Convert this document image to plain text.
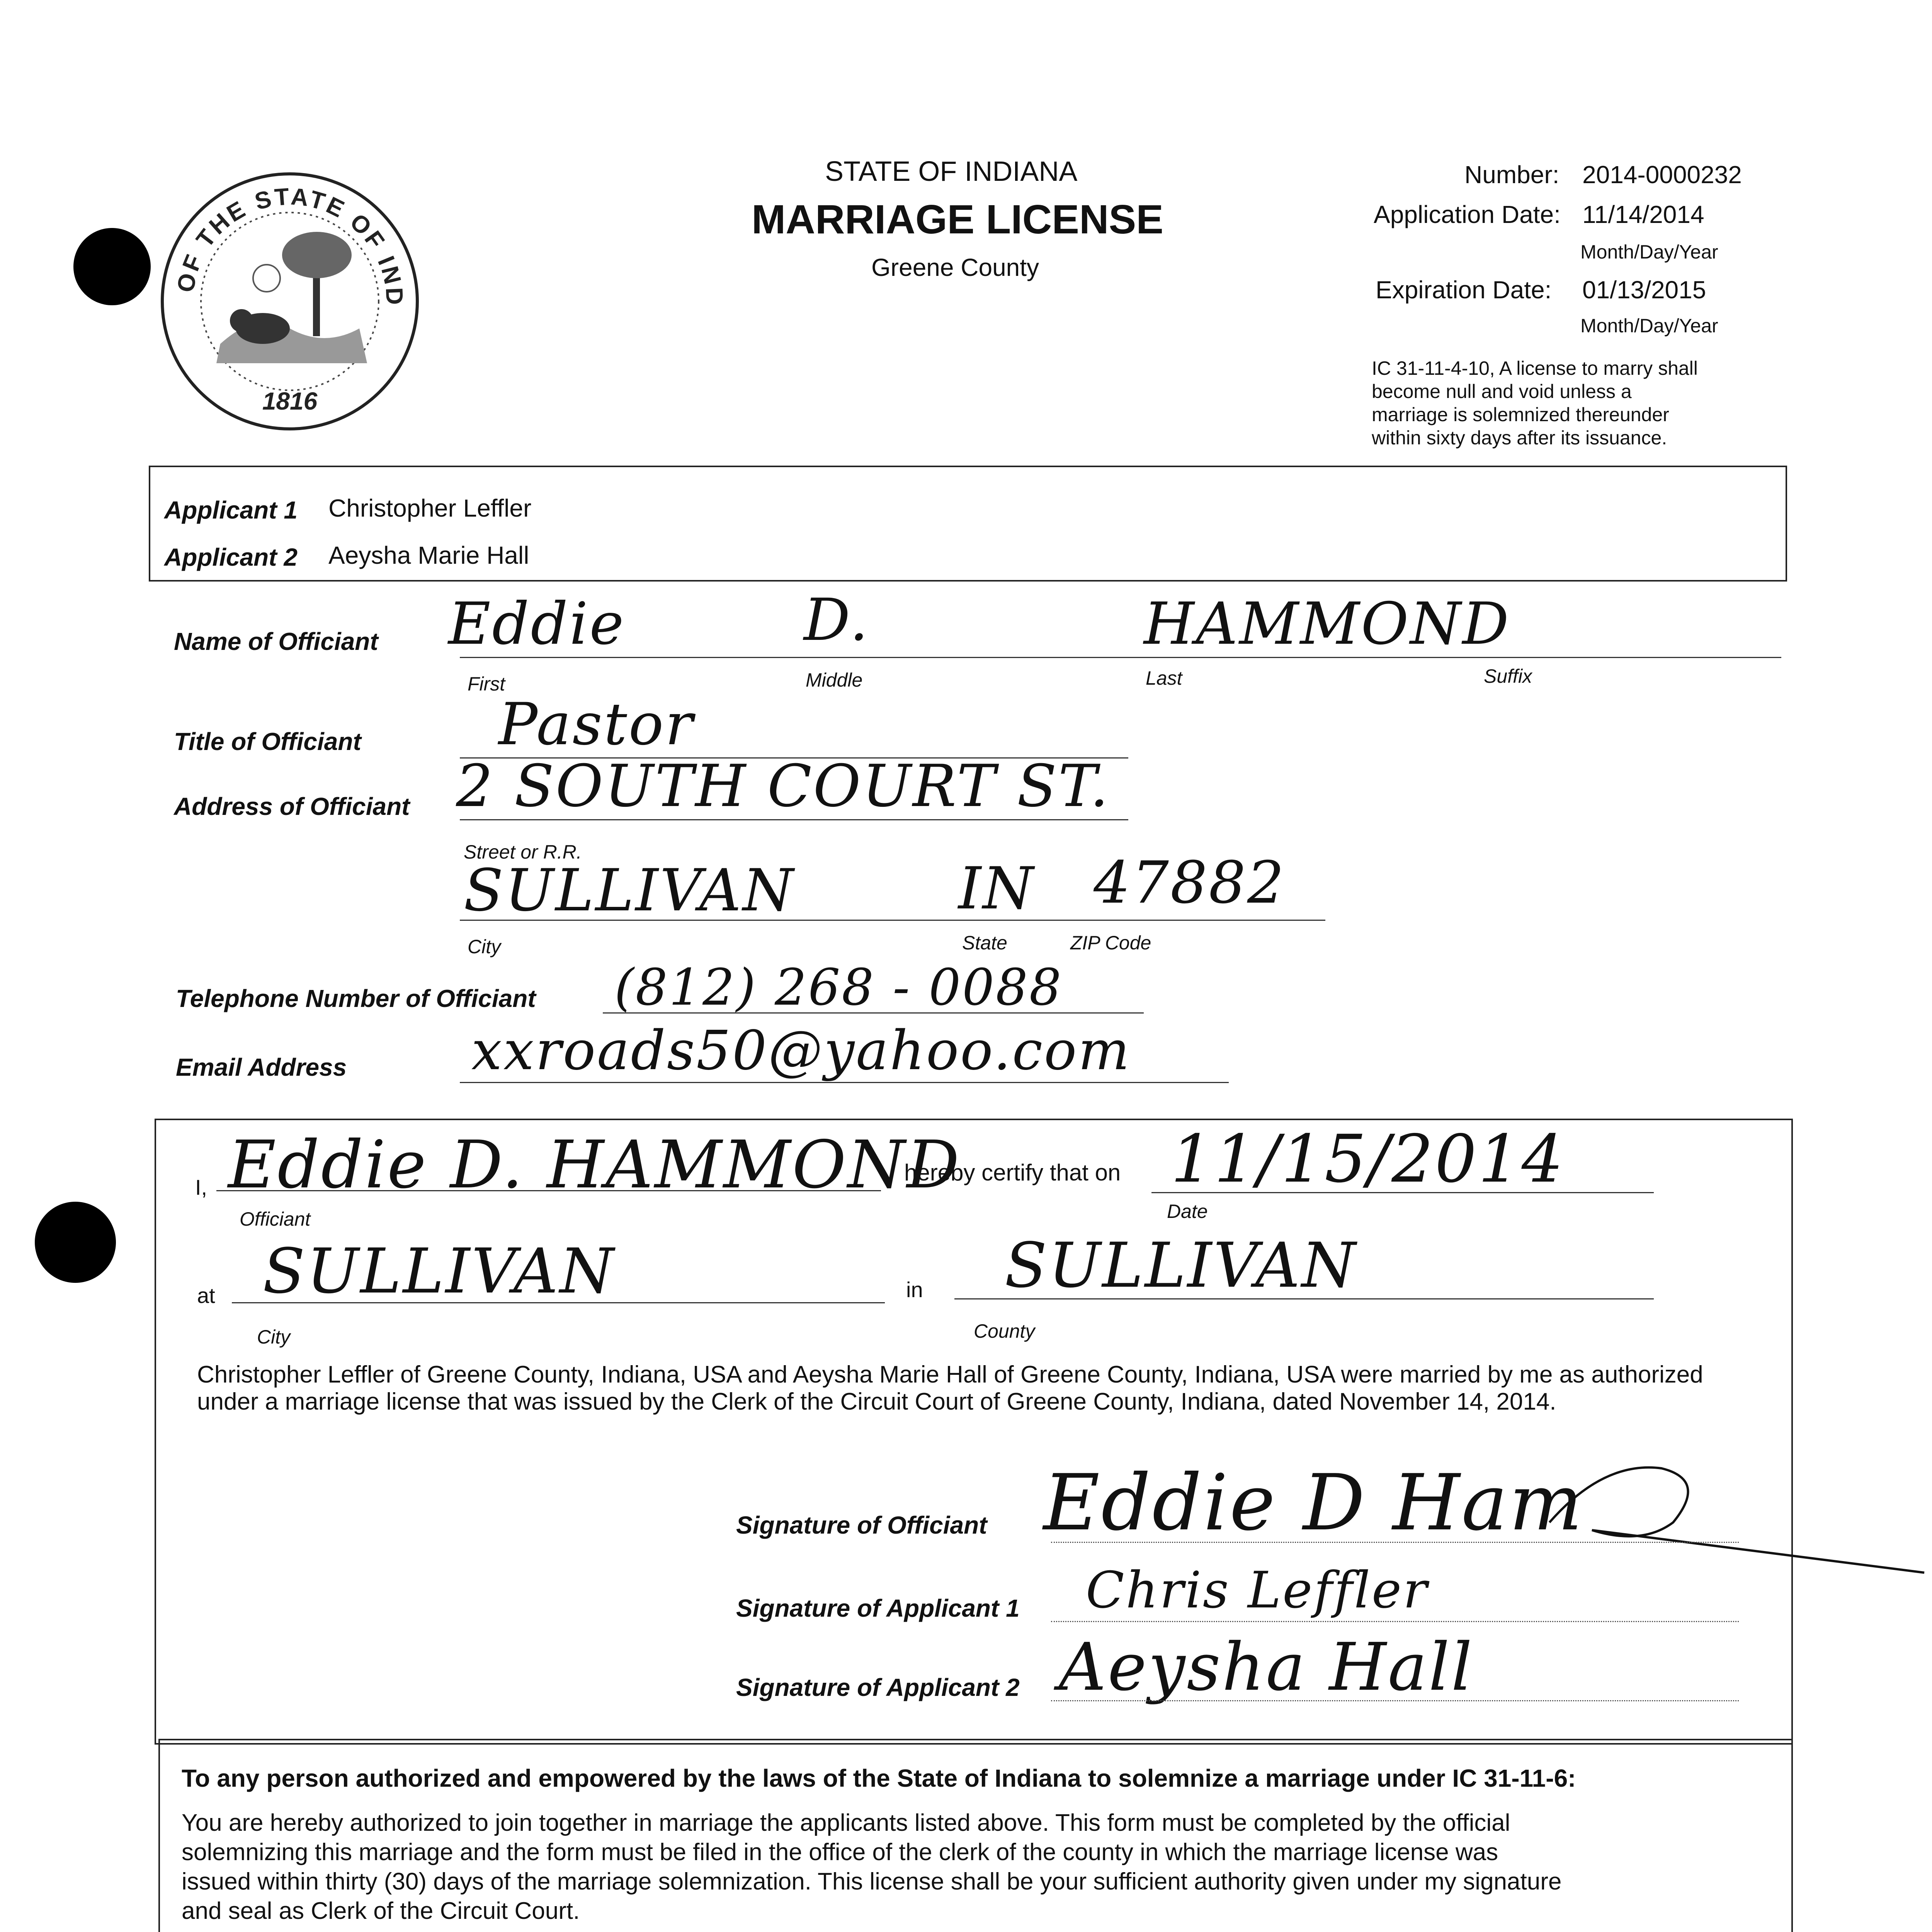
OF THE STATE OF IND
1816
STATE OF INDIANA
MARRIAGE LICENSE
Greene County
Number: 2014-0000232
Application Date: 11/14/2014
Month/Day/Year
Expiration Date: 01/13/2015
Month/Day/Year
IC 31-11-4-10, A license to marry shall
become null and void unless a
marriage is solemnized thereunder
within sixty days after its issuance.
Applicant 1 Christopher Leffler
Applicant 2 Aeysha Marie Hall
Name of Officiant Eddie	D.	HAMMOND
First	Middle	Last	Suffix
Title of Officiant Pastor
Address of Officiant 2 SOUTH COURT ST.
Street or R.R.
SULLIVAN	IN 47882
City	State	ZIP Code
Telephone Number of Officiant (812) 268 - 0088
Email Address xxroads50@yahoo.com
I, Eddie D. HAMMOND
Officiant
hereby certify that on 11/15/2014
Date
at SULLIVAN
City
in SULLIVAN
County
Christopher Leffler of Greene County, Indiana, USA and Aeysha Marie Hall of Greene County, Indiana, USA were married by me as authorized
under a marriage license that was issued by the Clerk of the Circuit Court of Greene County, Indiana, dated November 14, 2014.
Signature of Officiant Eddie D Ham
Signature of Applicant 1 Chris Leffler
Signature of Applicant 2 Aeysha Hall
To any person authorized and empowered by the laws of the State of Indiana to solemnize a marriage under IC 31-11-6:
You are hereby authorized to join together in marriage the applicants listed above. This form must be completed by the official
solemnizing this marriage and the form must be filed in the office of the clerk of the county in which the marriage license was
issued within thirty (30) days of the marriage solemnization. This license shall be your sufficient authority given under my signature
and seal as Clerk of the Circuit Court.
